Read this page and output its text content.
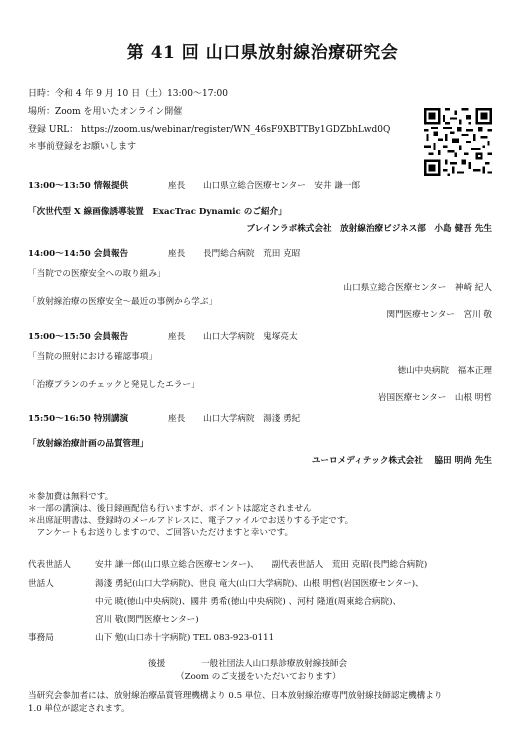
第 41 回 山口県放射線治療研究会
日時：令和 4 年 9 月 10 日（土）13:00～17:00
場所：Zoom を用いたオンライン開催
登録 URL： https://zoom.us/webinar/register/WN_46sF9XBTTBy1GDZbhLwd0Q
＊事前登録をお願いします
13:00～13:50 情報提供	座長 山口県立総合医療センター　安井 謙一郎
「次世代型 X 線画像誘導装置　ExacTrac Dynamic のご紹介」
ブレインラボ株式会社　放射線治療ビジネス部　小島 健吾 先生
14:00～14:50 会員報告	座長 長門総合病院　荒田 克昭
「当院での医療安全への取り組み」
山口県立総合医療センター　神崎 紀人
「放射線治療の医療安全～最近の事例から学ぶ」
関門医療センター　宮川 敬
15:00～15:50 会員報告	座長 山口大学病院　鬼塚亮太
「当院の照射における確認事項」
徳山中央病院　福本正理
「治療プランのチェックと発見したエラー」
岩国医療センター　山根 明哲
15:50～16:50 特別講演	座長 山口大学病院　湯淺 勇紀
「放射線治療計画の品質管理」
ユーロメディテック株式会社　 脇田 明尚 先生
＊参加費は無料です。
＊一部の講演は、後日録画配信も行いますが、ポイントは認定されません
＊出席証明書は、登録時のメールアドレスに、電子ファイルでお送りする予定です。
　アンケートもお送りしますので、ご回答いただけますと幸いです。
代表世話人	安井 謙一郎(山口県立総合医療センター)、　　副代表世話人　荒田 克昭(長門総合病院)
世話人	湯淺 勇紀(山口大学病院)、世良 竜大(山口大学病院)、山根 明哲(岩国医療センター)、
中元 暁(徳山中央病院)、國井 勇希(徳山中央病院) 、河村 隆道(周東総合病院)、
宮川 敬(関門医療センター)
事務局	山下 勉(山口赤十字病院) TEL 083-923-0111
後援	一般社団法人山口県診療放射線技師会
（Zoom のご支援をいただいております）
当研究会参加者には、放射線治療品質管理機構より 0.5 単位、日本放射線治療専門放射線技師認定機構より
1.0 単位が認定されます。
